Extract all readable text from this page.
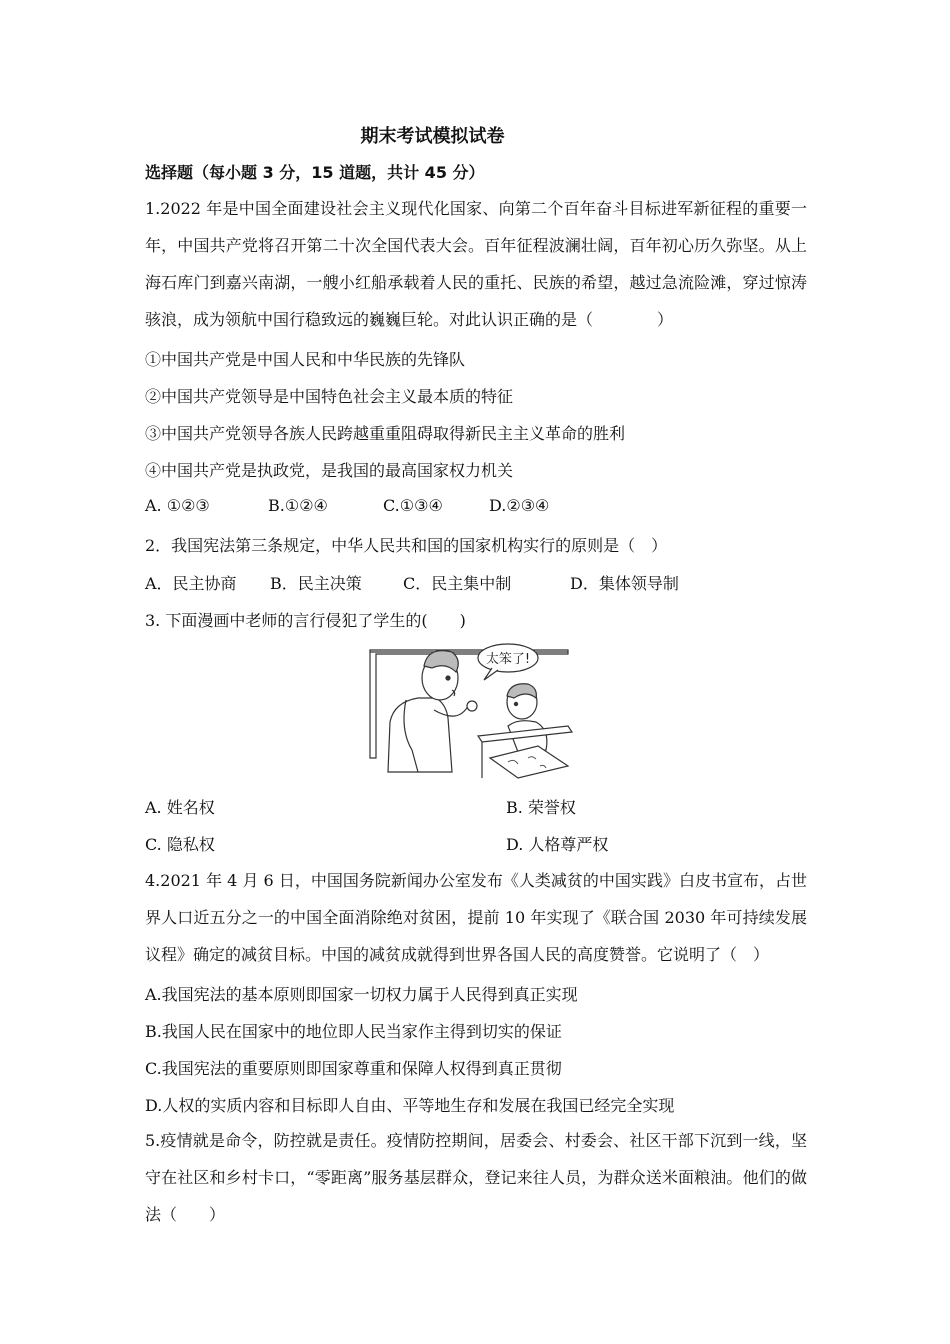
期末考试模拟试卷
选择题（每小题 3 分，15 道题，共计 45 分）
1.2022 年是中国全面建设社会主义现代化国家、向第二个百年奋斗目标进军新征程的重要一年，中国共产党将召开第二十次全国代表大会。百年征程波澜壮阔，百年初心历久弥坚。从上海石库门到嘉兴南湖，一艘小红船承载着人民的重托、民族的希望，越过急流险滩，穿过惊涛骇浪，成为领航中国行稳致远的巍巍巨轮。对此认识正确的是（　　　　）
①中国共产党是中国人民和中华民族的先锋队
②中国共产党领导是中国特色社会主义最本质的特征
③中国共产党领导各族人民跨越重重阻碍取得新民主主义革命的胜利
④中国共产党是执政党，是我国的最高国家权力机关
A. ①②③	B.①②④	C.①③④	D.②③④
2．我国宪法第三条规定，中华人民共和国的国家机构实行的原则是（　）
A．民主协商 B．民主决策	C．民主集中制	D．集体领导制
3. 下面漫画中老师的言行侵犯了学生的(　　)
太笨了!
A. 姓名权	B. 荣誉权
C. 隐私权	D. 人格尊严权
4.2021 年 4 月 6 日，中国国务院新闻办公室发布《人类减贫的中国实践》白皮书宣布，占世界人口近五分之一的中国全面消除绝对贫困，提前 10 年实现了《联合国 2030 年可持续发展议程》确定的减贫目标。中国的减贫成就得到世界各国人民的高度赞誉。它说明了（　）
A.我国宪法的基本原则即国家一切权力属于人民得到真正实现
B.我国人民在国家中的地位即人民当家作主得到切实的保证
C.我国宪法的重要原则即国家尊重和保障人权得到真正贯彻
D.人权的实质内容和目标即人自由、平等地生存和发展在我国已经完全实现
5.疫情就是命令，防控就是责任。疫情防控期间，居委会、村委会、社区干部下沉到一线，坚守在社区和乡村卡口，“零距离”服务基层群众，登记来往人员，为群众送米面粮油。他们的做法（　　）
